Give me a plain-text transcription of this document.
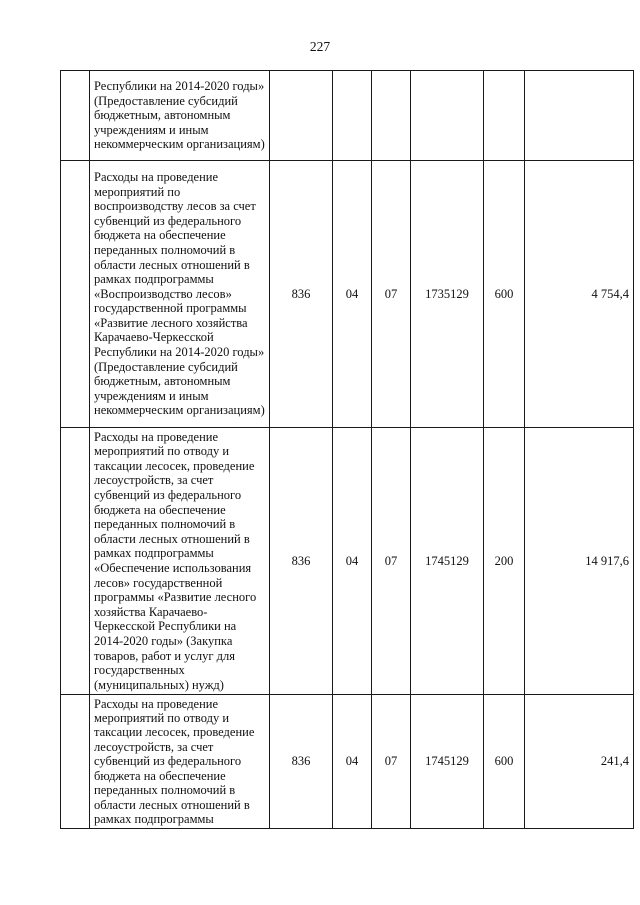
227
	Республики на 2014-2020 годы» (Предоставление субсидий бюджетным, автономным учреждениям и иным некоммерческим организациям)						
	Расходы на проведение мероприятий по воспроизводству лесов за счет субвенций из федерального бюджета на обеспечение переданных полномочий в области лесных отношений в рамках подпрограммы «Воспроизводство лесов» государственной программы «Развитие лесного хозяйства Карачаево-Черкесской Республики на 2014-2020 годы» (Предоставление субсидий бюджетным, автономным учреждениям и иным некоммерческим организациям)	836	04	07	1735129	600	4 754,4
	Расходы на проведение мероприятий по отводу и таксации лесосек, проведение лесоустройств, за счет субвенций из федерального бюджета на обеспечение переданных полномочий в области лесных отношений в рамках подпрограммы «Обеспечение использования лесов» государственной программы «Развитие лесного хозяйства Карачаево-Черкесской Республики на 2014-2020 годы» (Закупка товаров, работ и услуг для государственных (муниципальных) нужд)	836	04	07	1745129	200	14 917,6
	Расходы на проведение мероприятий по отводу и таксации лесосек, проведение лесоустройств, за счет субвенций из федерального бюджета на обеспечение переданных полномочий в области лесных отношений в рамках подпрограммы	836	04	07	1745129	600	241,4
